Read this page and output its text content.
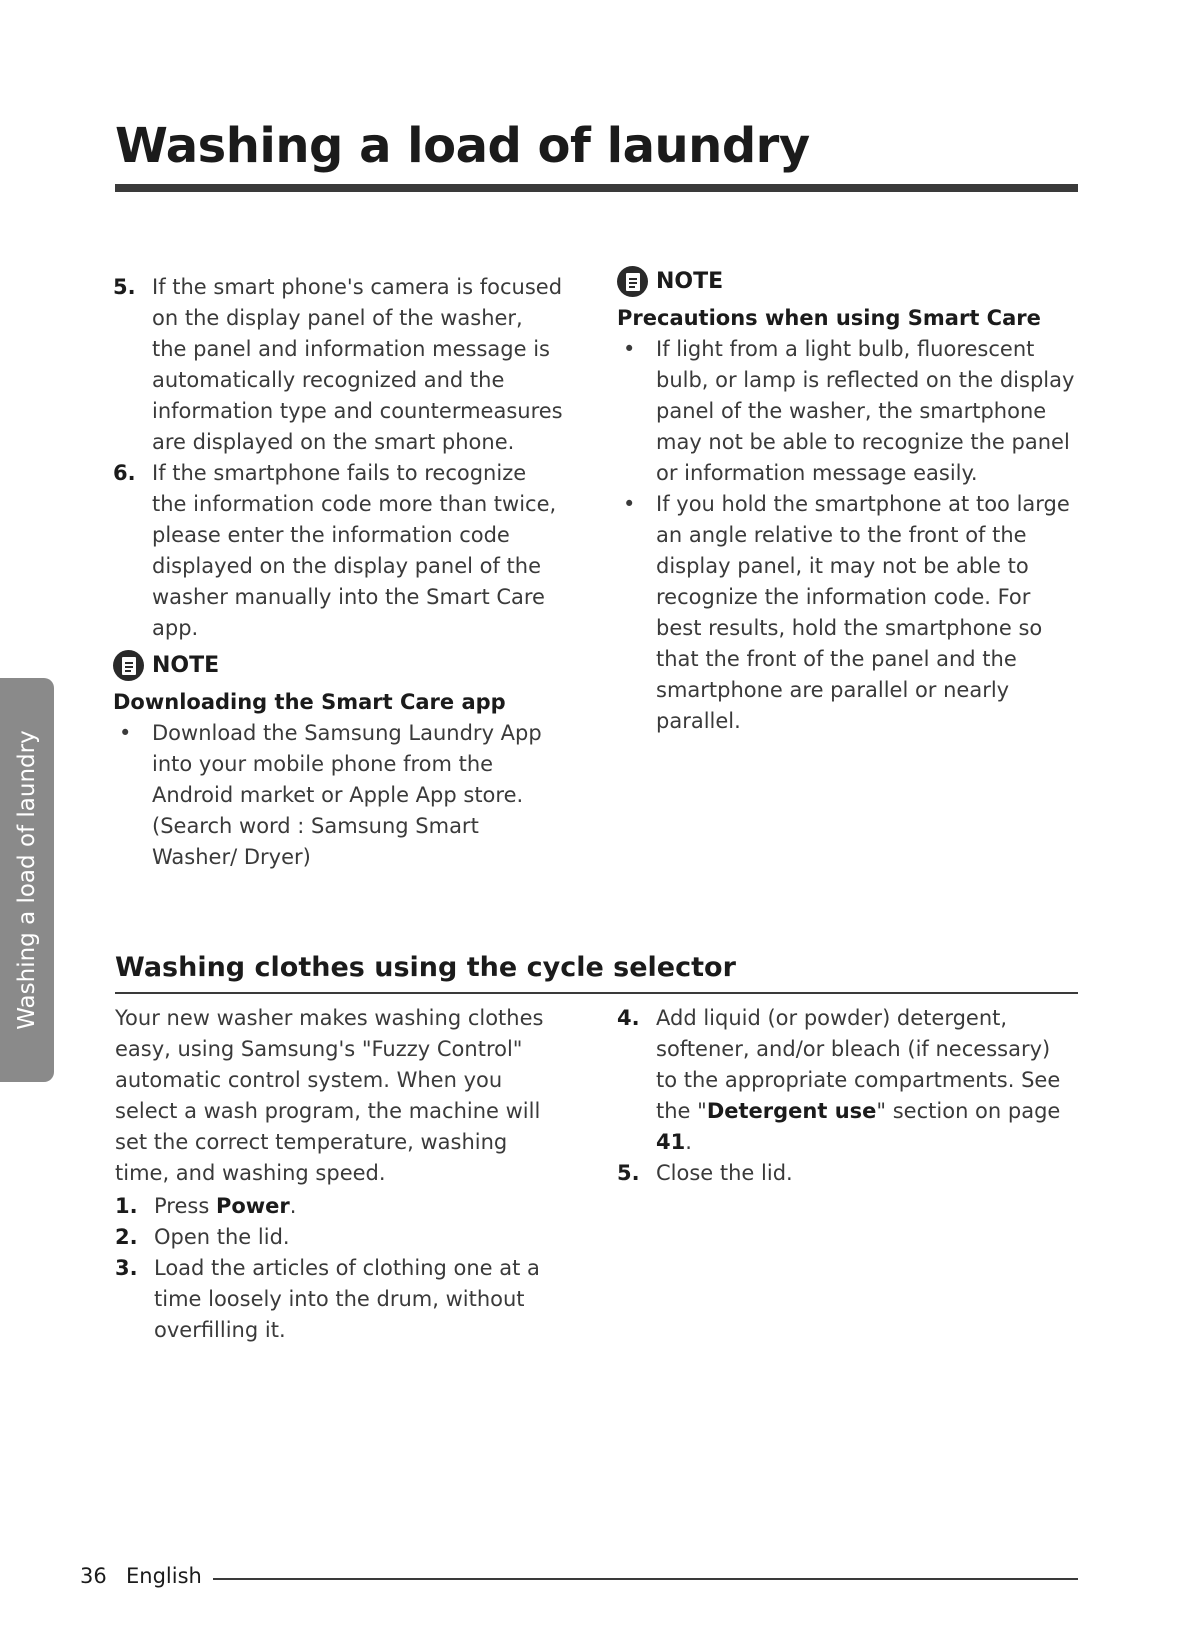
Washing a load of laundry
Washing a load of laundry

5. If the smart phone's camera is focused on the display panel of the washer, the panel and information message is automatically recognized and the information type and countermeasures are displayed on the smart phone.

6. If the smartphone fails to recognize the information code more than twice, please enter the information code displayed on the display panel of the washer manually into the Smart Care app.

NOTE

Downloading the Smart Care app

• Download the Samsung Laundry App into your mobile phone from the Android market or Apple App store. (Search word : Samsung Smart Washer/ Dryer)

NOTE

Precautions when using Smart Care

• If light from a light bulb, fluorescent bulb, or lamp is reflected on the display panel of the washer, the smartphone may not be able to recognize the panel or information message easily.

• If you hold the smartphone at too large an angle relative to the front of the display panel, it may not be able to recognize the information code. For best results, hold the smartphone so that the front of the panel and the smartphone are parallel or nearly parallel.

Washing clothes using the cycle selector

Your new washer makes washing clothes easy, using Samsung's "Fuzzy Control" automatic control system. When you select a wash program, the machine will set the correct temperature, washing time, and washing speed.

1. Press Power.

2. Open the lid.

3. Load the articles of clothing one at a time loosely into the drum, without overfilling it.

4. Add liquid (or powder) detergent, softener, and/or bleach (if necessary) to the appropriate compartments. See the "Detergent use" section on page 41.

5. Close the lid.

36 English
